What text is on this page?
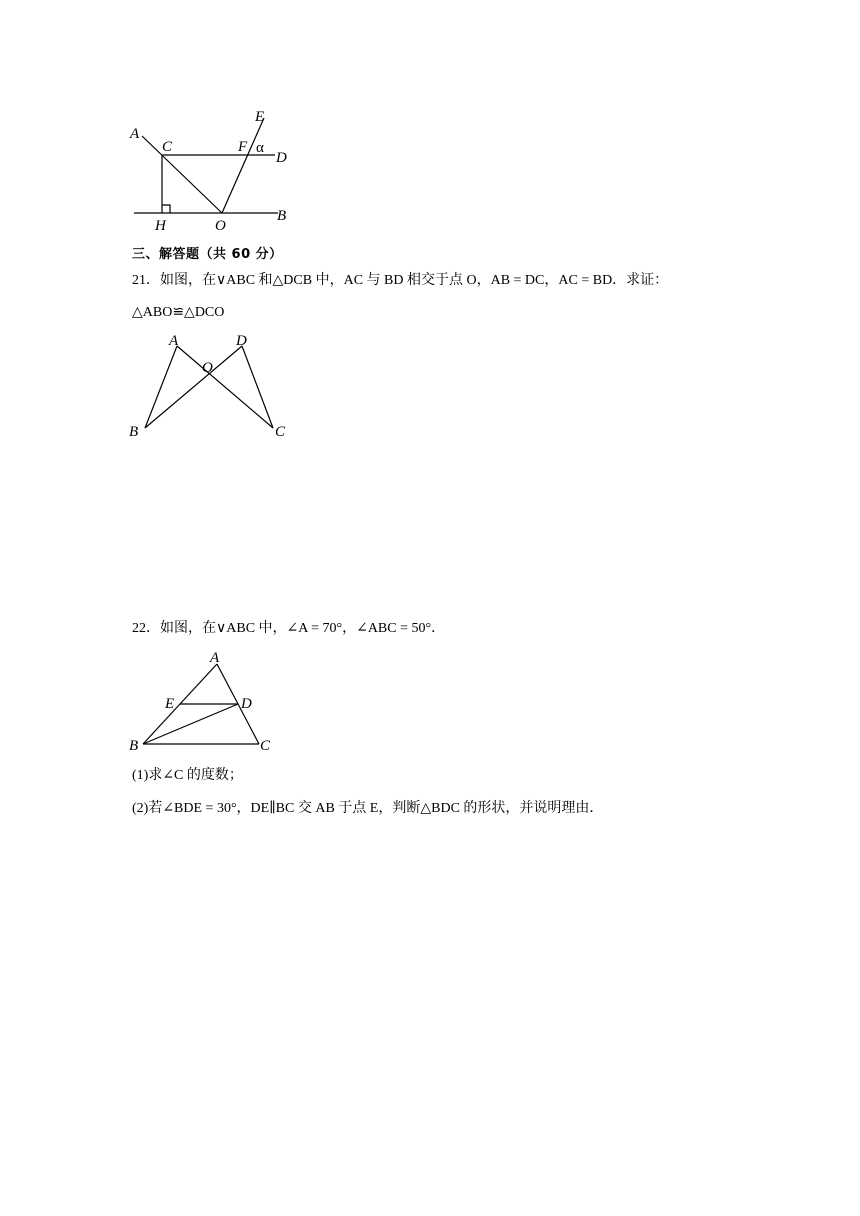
A
C	F α
D
E
H	O
B
三、解答题（共 60 分）
21．如图，在∨ABC 和△DCB 中，AC 与 BD 相交于点 O，AB = DC，AC = BD．求证：
△ABO≌△DCO
A	D
O
B	C
22．如图，在∨ABC 中，∠A = 70°，∠ABC = 50°．
A
E	D
B	C
(1)求∠C 的度数；
(2)若∠BDE = 30°，DE∥BC 交 AB 于点 E，判断△BDC 的形状，并说明理由．
